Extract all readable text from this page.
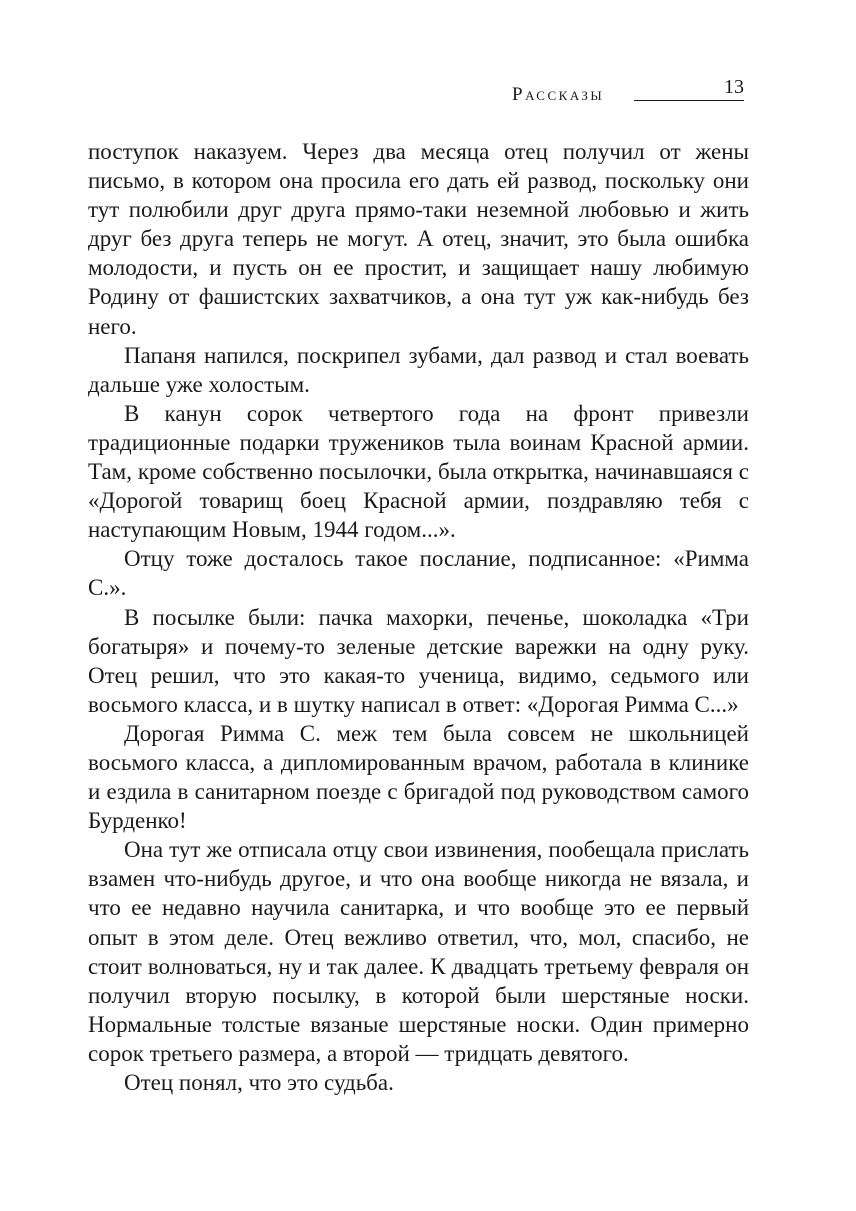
Рассказы	13

поступок наказуем. Через два месяца отец получил от жены письмо, в котором она просила его дать ей развод, поскольку они тут полюбили друг друга прямо-таки неземной любовью и жить друг без друга теперь не могут. А отец, значит, это была ошибка молодости, и пусть он ее простит, и защищает нашу любимую Родину от фашистских захватчиков, а она тут уж как-нибудь без него.

Папаня напился, поскрипел зубами, дал развод и стал воевать дальше уже холостым.

В канун сорок четвертого года на фронт привезли традиционные подарки тружеников тыла воинам Красной армии. Там, кроме собственно посылочки, была открытка, начинавшаяся с «Дорогой товарищ боец Красной армии, поздравляю тебя с наступающим Новым, 1944 годом...».

Отцу тоже досталось такое послание, подписанное: «Римма С.».

В посылке были: пачка махорки, печенье, шоколадка «Три богатыря» и почему-то зеленые детские варежки на одну руку. Отец решил, что это какая-то ученица, видимо, седьмого или восьмого класса, и в шутку написал в ответ: «Дорогая Римма С...»

Дорогая Римма С. меж тем была совсем не школьницей восьмого класса, а дипломированным врачом, работала в клинике и ездила в санитарном поезде с бригадой под руководством самого Бурденко!

Она тут же отписала отцу свои извинения, пообещала прислать взамен что-нибудь другое, и что она вообще никогда не вязала, и что ее недавно научила санитарка, и что вообще это ее первый опыт в этом деле. Отец вежливо ответил, что, мол, спасибо, не стоит волноваться, ну и так далее. К двадцать третьему февраля он получил вторую посылку, в которой были шерстяные носки. Нормальные толстые вязаные шерстяные носки. Один примерно сорок третьего размера, а второй — тридцать девятого.

Отец понял, что это судьба.
